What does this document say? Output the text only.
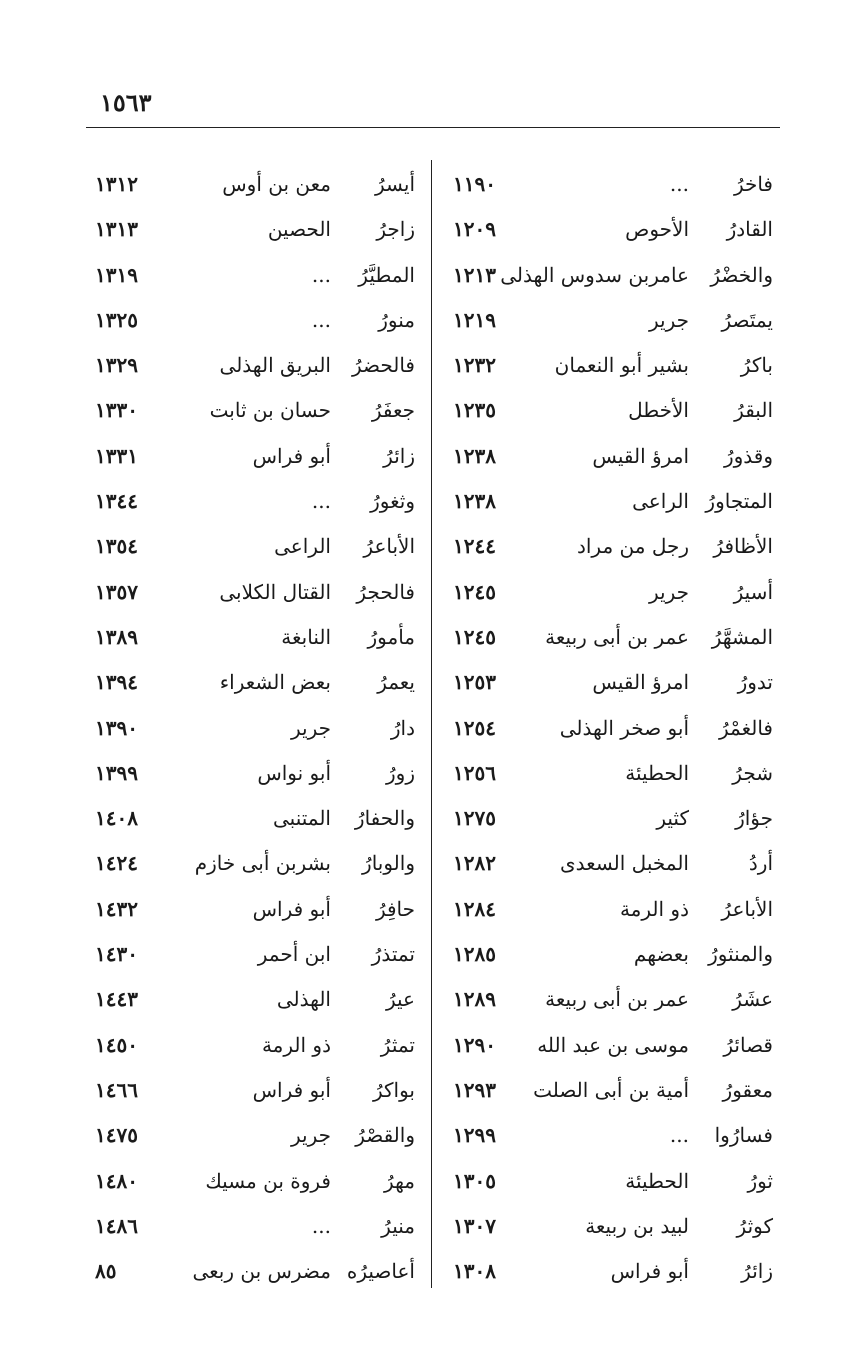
١٥٦٣
فاخرُ
...
١١٩٠
القادرُ
الأحوص
١٢٠٩
والخضْرُ
عامربن سدوس الهذلى
١٢١٣
يمتَصرُ
جرير
١٢١٩
باكرُ
بشير أبو النعمان
١٢٣٢
البقرُ
الأخطل
١٢٣٥
وقذورُ
امرؤ القيس
١٢٣٨
المتجاورُ
الراعى
١٢٣٨
الأظافرُ
رجل من مراد
١٢٤٤
أسيرُ
جرير
١٢٤٥
المشهَّرُ
عمر بن أبى ربيعة
١٢٤٥
تدورُ
امرؤ القيس
١٢٥٣
فالغمْرُ
أبو صخر الهذلى
١٢٥٤
شجرُ
الحطيئة
١٢٥٦
جؤارُ
كثير
١٢٧٥
أردُ
المخبل السعدى
١٢٨٢
الأباعرُ
ذو الرمة
١٢٨٤
والمنثورُ
بعضهم
١٢٨٥
عشَرُ
عمر بن أبى ربيعة
١٢٨٩
قصائرُ
موسى بن عبد الله
١٢٩٠
معقورُ
أمية بن أبى الصلت
١٢٩٣
فسارُوا
...
١٢٩٩
ثورُ
الحطيئة
١٣٠٥
كوثرُ
لبيد بن ربيعة
١٣٠٧
زائرُ
أبو فراس
١٣٠٨
أيسرُ
معن بن أوس
١٣١٢
زاجرُ
الحصين
١٣١٣
المطيَّرُ
...
١٣١٩
منورُ
...
١٣٢٥
فالحضرُ
البريق الهذلى
١٣٢٩
جعفَرُ
حسان بن ثابت
١٣٣٠
زائرُ
أبو فراس
١٣٣١
وثغورُ
...
١٣٤٤
الأباعرُ
الراعى
١٣٥٤
فالحجرُ
القتال الكلابى
١٣٥٧
مأمورُ
النابغة
١٣٨٩
يعمرُ
بعض الشعراء
١٣٩٤
دارُ
جرير
١٣٩٠
زورُ
أبو نواس
١٣٩٩
والحفارُ
المتنبى
١٤٠٨
والوبارُ
بشربن أبى خازم
١٤٢٤
حافِرُ
أبو فراس
١٤٣٢
تمتذرُ
ابن أحمر
١٤٣٠
عيرُ
الهذلى
١٤٤٣
تمثرُ
ذو الرمة
١٤٥٠
بواكرُ
أبو فراس
١٤٦٦
والقصْرُ
جرير
١٤٧٥
مهرُ
فروة بن مسيك
١٤٨٠
منيرُ
...
١٤٨٦
أعاصيرُه
مضرس بن ربعى
٨٥
